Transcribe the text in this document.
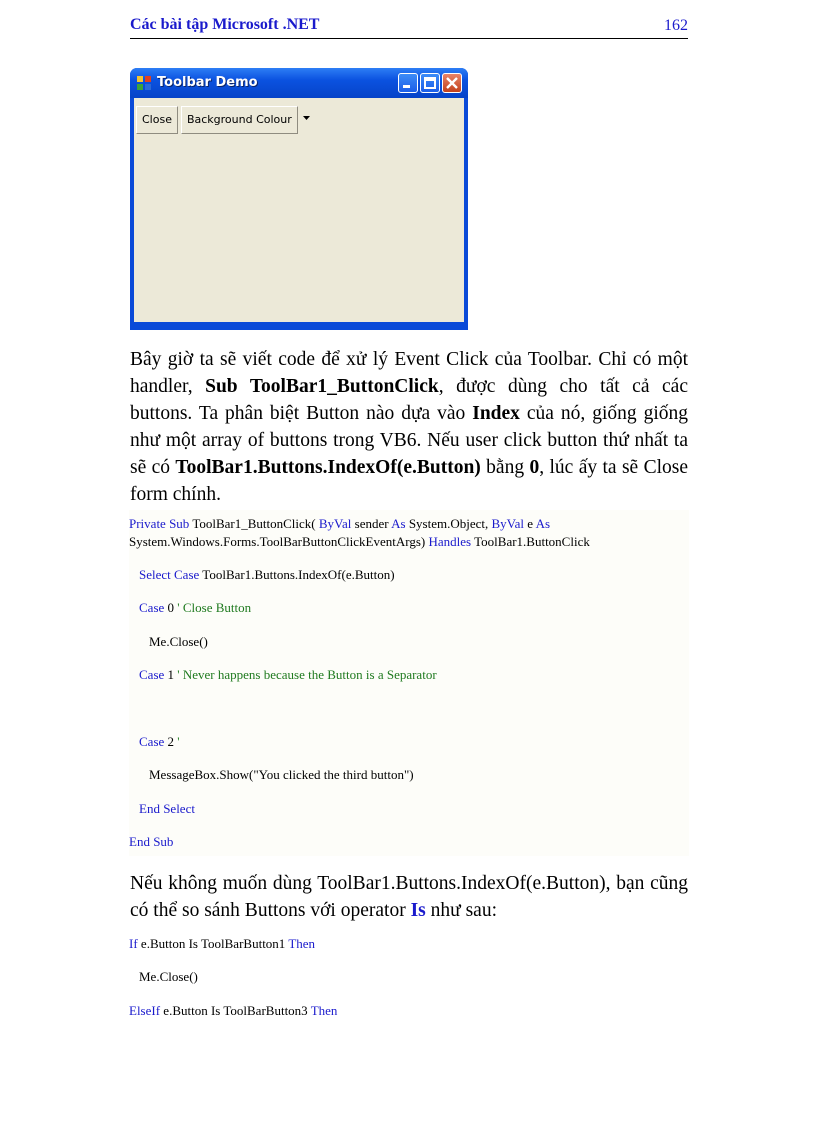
Các bài tập Microsoft .NET	162
Toolbar Demo
Close	Background Colour

Bây giờ ta sẽ viết code để xử lý Event Click của Toolbar. Chỉ có một handler, Sub ToolBar1_ButtonClick, được dùng cho tất cả các buttons. Ta phân biệt Button nào dựa vào Index của nó, giống giống như một array of buttons trong VB6. Nếu user click button thứ nhất ta sẽ có ToolBar1.Buttons.IndexOf(e.Button) bằng 0, lúc ấy ta sẽ Close form chính.

Private Sub ToolBar1_ButtonClick( ByVal sender As System.Object, ByVal e As
System.Windows.Forms.ToolBarButtonClickEventArgs) Handles ToolBar1.ButtonClick
Select Case ToolBar1.Buttons.IndexOf(e.Button)
Case 0 ' Close Button
Me.Close()
Case 1 ' Never happens because the Button is a Separator
Case 2 '
MessageBox.Show("You clicked the third button")
End Select
End Sub

Nếu không muốn dùng ToolBar1.Buttons.IndexOf(e.Button), bạn cũng có thể so sánh Buttons với operator Is như sau:

If e.Button Is ToolBarButton1 Then
Me.Close()
ElseIf e.Button Is ToolBarButton3 Then
